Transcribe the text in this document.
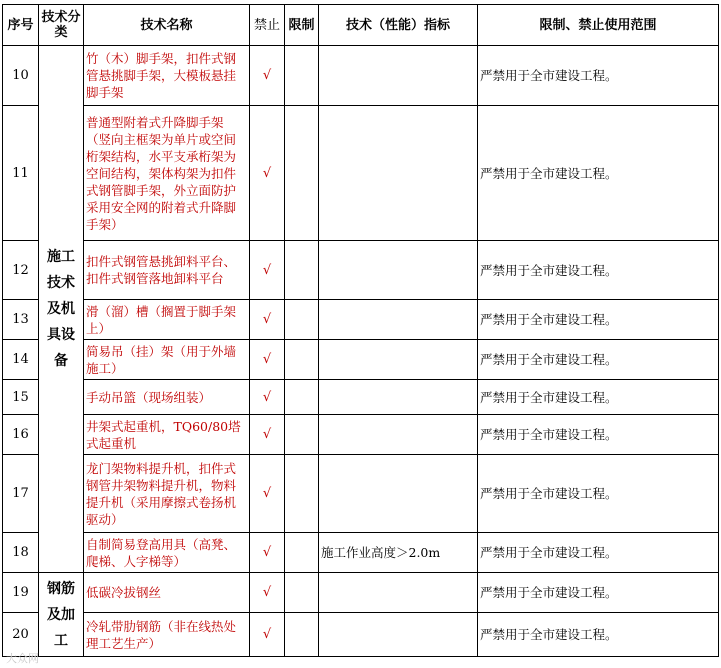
序号	技术分类	技术名称	禁止	限制	技术（性能）指标	限制、禁止使用范围
10	施工技术及机具设备	竹（木）脚手架，扣件式钢管悬挑脚手架，大模板悬挂脚手架	√			严禁用于全市建设工程。
11		普通型附着式升降脚手架（竖向主框架为单片或空间桁架结构，水平支承桁架为空间结构，架体构架为扣件式钢管脚手架，外立面防护采用安全网的附着式升降脚手架）	√			严禁用于全市建设工程。
12		扣件式钢管悬挑卸料平台、扣件式钢管落地卸料平台	√			严禁用于全市建设工程。
13		滑（溜）槽（搁置于脚手架上）	√			严禁用于全市建设工程。
14		简易吊（挂）架（用于外墙施工）	√			严禁用于全市建设工程。
15		手动吊篮（现场组装）	√			严禁用于全市建设工程。
16		井架式起重机，TQ60/80塔式起重机	√			严禁用于全市建设工程。
17		龙门架物料提升机，扣件式钢管井架物料提升机，物料提升机（采用摩擦式卷扬机驱动）	√			严禁用于全市建设工程。
18		自制简易登高用具（高凳、爬梯、人字梯等）	√		施工作业高度＞2.0m	严禁用于全市建设工程。
19	钢筋及加工	低碳冷拔钢丝	√			严禁用于全市建设工程。
20		冷轧带肋钢筋（非在线热处理工艺生产）	√			严禁用于全市建设工程。
大众网
